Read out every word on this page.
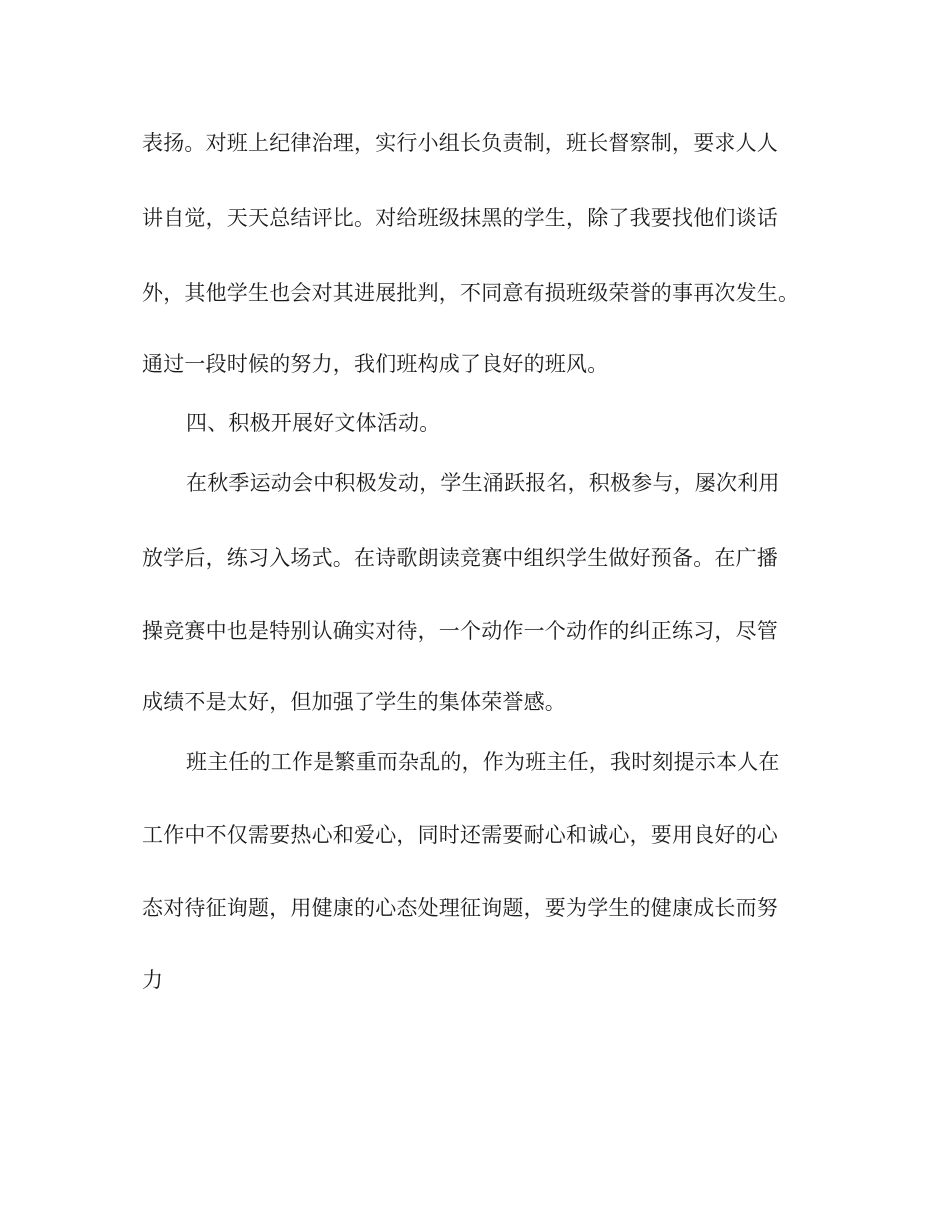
表扬。对班上纪律治理，实行小组长负责制，班长督察制，要求人人
讲自觉，天天总结评比。对给班级抹黑的学生，除了我要找他们谈话
外，其他学生也会对其进展批判，不同意有损班级荣誉的事再次发生。
通过一段时候的努力，我们班构成了良好的班风。
四、积极开展好文体活动。
在秋季运动会中积极发动，学生涌跃报名，积极参与，屡次利用
放学后，练习入场式。在诗歌朗读竞赛中组织学生做好预备。在广播
操竞赛中也是特别认确实对待，一个动作一个动作的纠正练习，尽管
成绩不是太好，但加强了学生的集体荣誉感。
班主任的工作是繁重而杂乱的，作为班主任，我时刻提示本人在
工作中不仅需要热心和爱心，同时还需要耐心和诚心，要用良好的心
态对待征询题，用健康的心态处理征询题，要为学生的健康成长而努
力
